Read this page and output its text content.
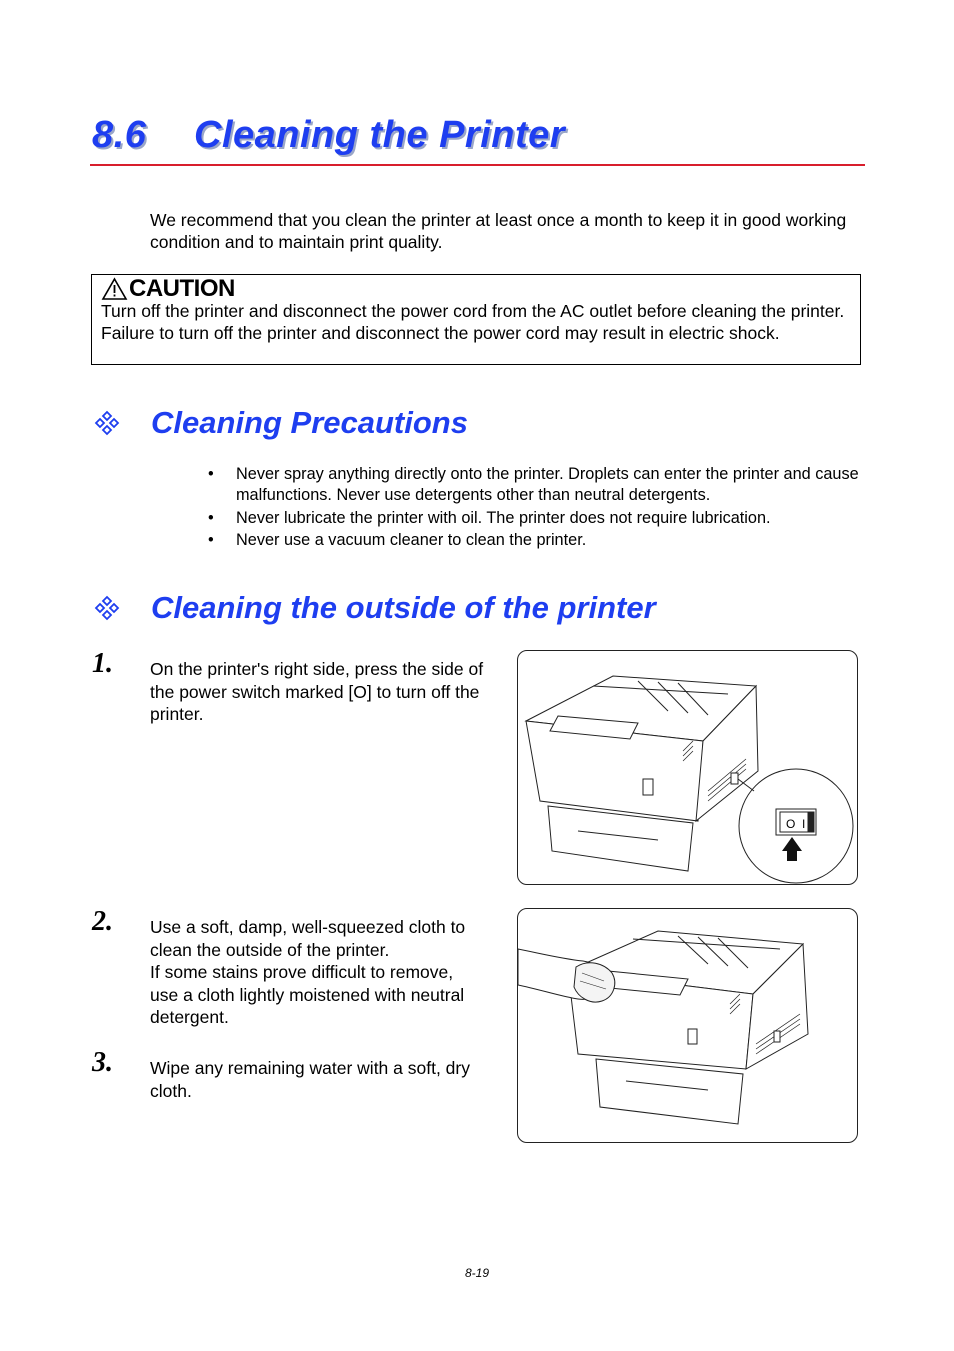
8.6 Cleaning the Printer
We recommend that you clean the printer at least once a month to keep it in good working condition and to maintain print quality.
CAUTION
Turn off the printer and disconnect the power cord from the AC outlet before cleaning the printer. Failure to turn off the printer and disconnect the power cord may result in electric shock.
Cleaning Precautions
•	Never spray anything directly onto the printer. Droplets can enter the printer and cause malfunctions. Never use detergents other than neutral detergents.
•	Never lubricate the printer with oil. The printer does not require lubrication.
•	Never use a vacuum cleaner to clean the printer.
Cleaning the outside of the printer
1. On the printer's right side, press the side of the power switch marked [O] to turn off the printer.
O I
2. Use a soft, damp, well-squeezed cloth to clean the outside of the printer.
If some stains prove difficult to remove, use a cloth lightly moistened with neutral detergent.
3. Wipe any remaining water with a soft, dry cloth.
8-19
